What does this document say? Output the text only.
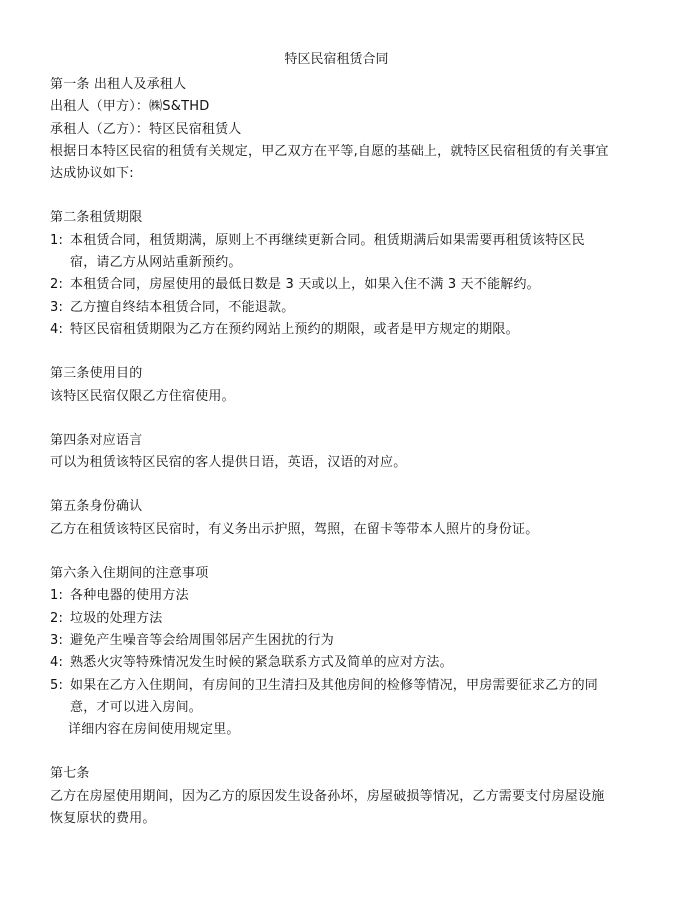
特区民宿租赁合同

第一条 出租人及承租人

出租人（甲方）：㈱S&THD

承租人（乙方）：特区民宿租赁人

根据日本特区民宿的租赁有关规定，甲乙双方在平等,自愿的基础上，就特区民宿租赁的有关事宜达成协议如下:

第二条租赁期限

1: 本租赁合同，租赁期满，原则上不再继续更新合同。租赁期满后如果需要再租赁该特区民宿，请乙方从网站重新预约。
2: 本租赁合同，房屋使用的最低日数是 3 天或以上，如果入住不满 3 天不能解约。
3: 乙方擅自终结本租赁合同，不能退款。
4: 特区民宿租赁期限为乙方在预约网站上预约的期限，或者是甲方规定的期限。

第三条使用目的

该特区民宿仅限乙方住宿使用。

第四条对应语言

可以为租赁该特区民宿的客人提供日语，英语，汉语的对应。

第五条身份确认

乙方在租赁该特区民宿时，有义务出示护照，驾照，在留卡等带本人照片的身份证。

第六条入住期间的注意事项

1: 各种电器的使用方法
2: 垃圾的处理方法
3: 避免产生噪音等会给周围邻居产生困扰的行为
4: 熟悉火灾等特殊情况发生时候的紧急联系方式及简单的应对方法。
5: 如果在乙方入住期间，有房间的卫生清扫及其他房间的检修等情况，甲房需要征求乙方的同意，才可以进入房间。

详细内容在房间使用规定里。

第七条

乙方在房屋使用期间，因为乙方的原因发生设备孙坏，房屋破损等情况，乙方需要支付房屋设施恢复原状的费用。
